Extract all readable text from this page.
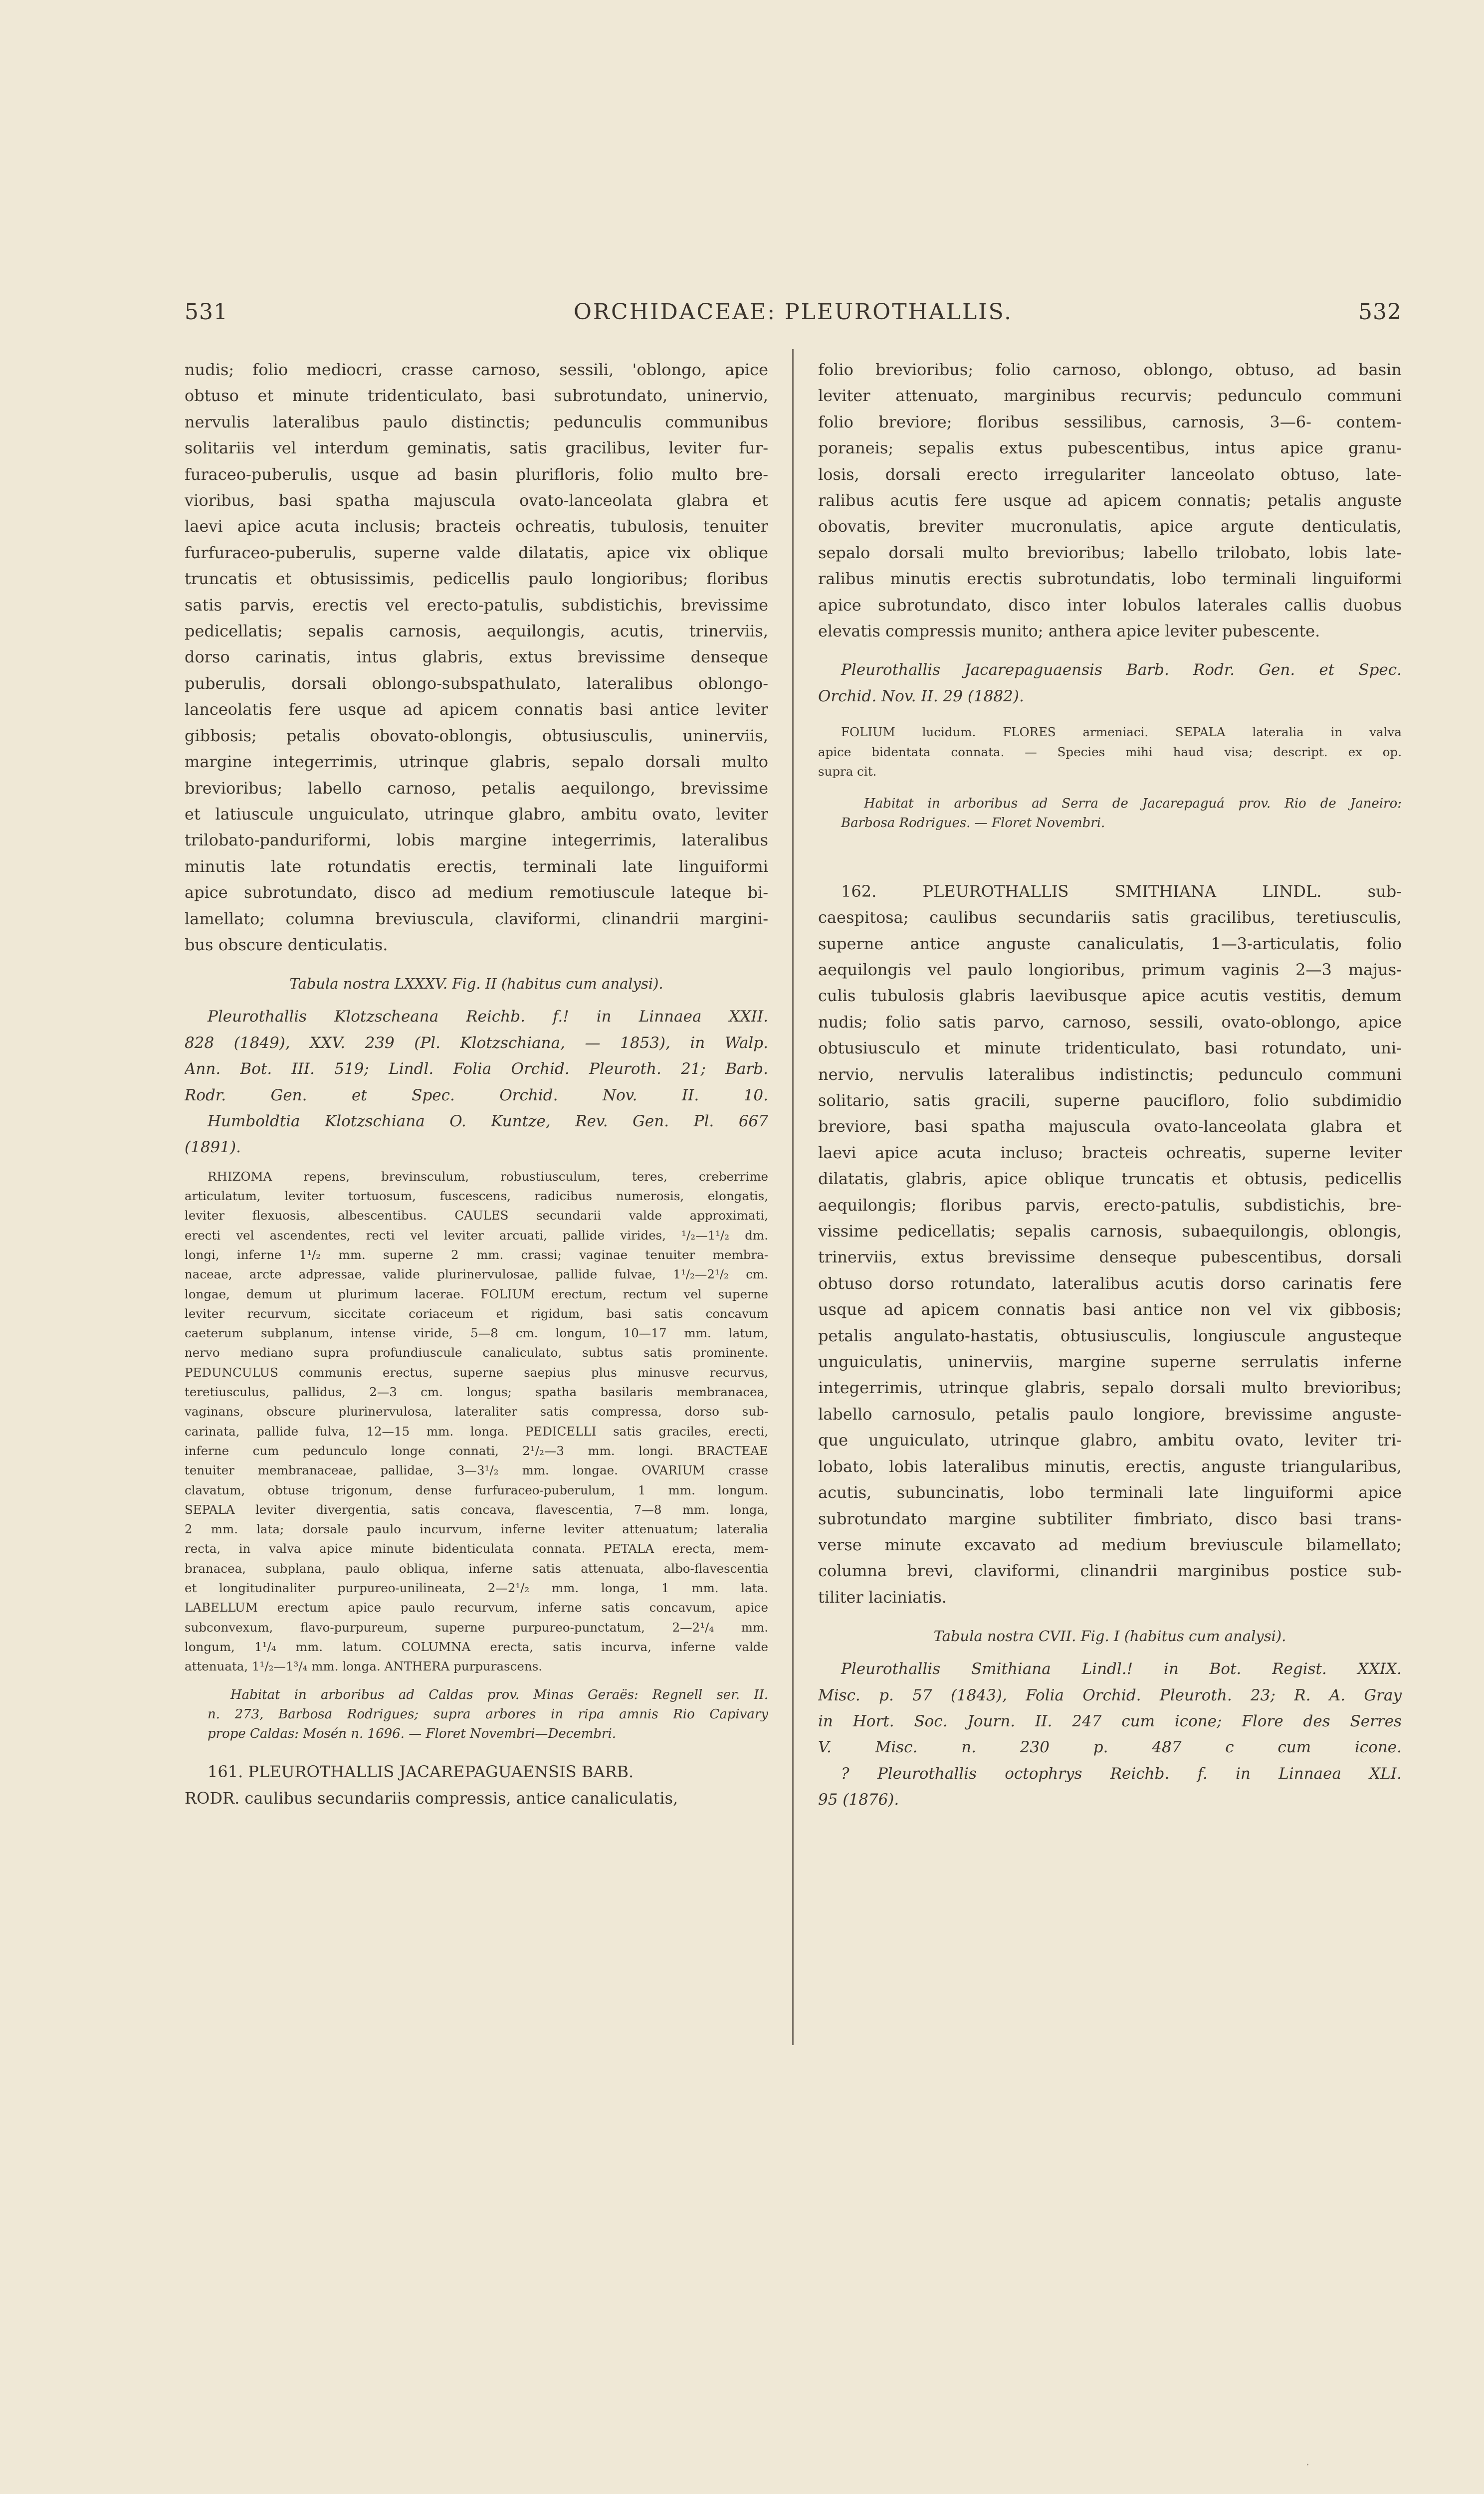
531	ORCHIDACEAE: PLEUROTHALLIS.	532
nudis; folio mediocri, crasse carnoso, sessili, 'oblongo, apice
obtuso et minute tridenticulato, basi subrotundato, uninervio,
nervulis lateralibus paulo distinctis; pedunculis communibus
solitariis vel interdum geminatis, satis gracilibus, leviter fur-
furaceo-puberulis, usque ad basin plurifloris, folio multo bre-
vioribus, basi spatha majuscula ovato-lanceolata glabra et
laevi apice acuta inclusis; bracteis ochreatis, tubulosis, tenuiter
furfuraceo-puberulis, superne valde dilatatis, apice vix oblique
truncatis et obtusissimis, pedicellis paulo longioribus; floribus
satis parvis, erectis vel erecto-patulis, subdistichis, brevissime
pedicellatis; sepalis carnosis, aequilongis, acutis, trinerviis,
dorso carinatis, intus glabris, extus brevissime denseque
puberulis, dorsali oblongo-subspathulato, lateralibus oblongo-
lanceolatis fere usque ad apicem connatis basi antice leviter
gibbosis; petalis obovato-oblongis, obtusiusculis, uninerviis,
margine integerrimis, utrinque glabris, sepalo dorsali multo
brevioribus; labello carnoso, petalis aequilongo, brevissime
et latiuscule unguiculato, utrinque glabro, ambitu ovato, leviter
trilobato-panduriformi, lobis margine integerrimis, lateralibus
minutis late rotundatis erectis, terminali late linguiformi
apice subrotundato, disco ad medium remotiuscule lateque bi-
lamellato; columna breviuscula, claviformi, clinandrii margini-
bus obscure denticulatis.

Tabula nostra LXXXV. Fig. II (habitus cum analysi).

Pleurothallis Klotzscheana Reichb. f.! in Linnaea XXII.
828 (1849), XXV. 239 (Pl. Klotzschiana, — 1853), in Walp.
Ann. Bot. III. 519; Lindl. Folia Orchid. Pleuroth. 21; Barb.
Rodr. Gen. et Spec. Orchid. Nov. II. 10.
Humboldtia Klotzschiana O. Kuntze, Rev. Gen. Pl. 667
(1891).
RHIZOMA repens, brevinsculum, robustiusculum, teres, creberrime
articulatum, leviter tortuosum, fuscescens, radicibus numerosis, elongatis,
leviter flexuosis, albescentibus. CAULES secundarii valde approximati,
erecti vel ascendentes, recti vel leviter arcuati, pallide virides, ¹/₂—1¹/₂ dm.
longi, inferne 1¹/₂ mm. superne 2 mm. crassi; vaginae tenuiter membra-
naceae, arcte adpressae, valide plurinervulosae, pallide fulvae, 1¹/₂—2¹/₂ cm.
longae, demum ut plurimum lacerae. FOLIUM erectum, rectum vel superne
leviter recurvum, siccitate coriaceum et rigidum, basi satis concavum
caeterum subplanum, intense viride, 5—8 cm. longum, 10—17 mm. latum,
nervo mediano supra profundiuscule canaliculato, subtus satis prominente.
PEDUNCULUS communis erectus, superne saepius plus minusve recurvus,
teretiusculus, pallidus, 2—3 cm. longus; spatha basilaris membranacea,
vaginans, obscure plurinervulosa, lateraliter satis compressa, dorso sub-
carinata, pallide fulva, 12—15 mm. longa. PEDICELLI satis graciles, erecti,
inferne cum pedunculo longe connati, 2¹/₂—3 mm. longi. BRACTEAE
tenuiter membranaceae, pallidae, 3—3¹/₂ mm. longae. OVARIUM crasse
clavatum, obtuse trigonum, dense furfuraceo-puberulum, 1 mm. longum.
SEPALA leviter divergentia, satis concava, flavescentia, 7—8 mm. longa,
2 mm. lata; dorsale paulo incurvum, inferne leviter attenuatum; lateralia
recta, in valva apice minute bidenticulata connata. PETALA erecta, mem-
branacea, subplana, paulo obliqua, inferne satis attenuata, albo-flavescentia
et longitudinaliter purpureo-unilineata, 2—2¹/₂ mm. longa, 1 mm. lata.
LABELLUM erectum apice paulo recurvum, inferne satis concavum, apice
subconvexum, flavo-purpureum, superne purpureo-punctatum, 2—2¹/₄ mm.
longum, 1¹/₄ mm. latum. COLUMNA erecta, satis incurva, inferne valde
attenuata, 1¹/₂—1³/₄ mm. longa. ANTHERA purpurascens.
Habitat in arboribus ad Caldas prov. Minas Geraës: Regnell ser. II.
n. 273, Barbosa Rodrigues; supra arbores in ripa amnis Rio Capivary
prope Caldas: Mosén n. 1696. — Floret Novembri—Decembri.

161. PLEUROTHALLIS JACAREPAGUAENSIS BARB.

RODR. caulibus secundariis compressis, antice canaliculatis,

folio brevioribus; folio carnoso, oblongo, obtuso, ad basin
leviter attenuato, marginibus recurvis; pedunculo communi
folio breviore; floribus sessilibus, carnosis, 3—6- contem-
poraneis; sepalis extus pubescentibus, intus apice granu-
losis, dorsali erecto irregulariter lanceolato obtuso, late-
ralibus acutis fere usque ad apicem connatis; petalis anguste
obovatis, breviter mucronulatis, apice argute denticulatis,
sepalo dorsali multo brevioribus; labello trilobato, lobis late-
ralibus minutis erectis subrotundatis, lobo terminali linguiformi
apice subrotundato, disco inter lobulos laterales callis duobus
elevatis compressis munito; anthera apice leviter pubescente.
Pleurothallis Jacarepaguaensis Barb. Rodr. Gen. et Spec.
Orchid. Nov. II. 29 (1882).
FOLIUM lucidum. FLORES armeniaci. SEPALA lateralia in valva
apice bidentata connata. — Species mihi haud visa; descript. ex op.
supra cit.
Habitat in arboribus ad Serra de Jacarepaguá prov. Rio de Janeiro:
Barbosa Rodrigues. — Floret Novembri.
162. PLEUROTHALLIS SMITHIANA LINDL. sub-
caespitosa; caulibus secundariis satis gracilibus, teretiusculis,
superne antice anguste canaliculatis, 1—3-articulatis, folio
aequilongis vel paulo longioribus, primum vaginis 2—3 majus-
culis tubulosis glabris laevibusque apice acutis vestitis, demum
nudis; folio satis parvo, carnoso, sessili, ovato-oblongo, apice
obtusiusculo et minute tridenticulato, basi rotundato, uni-
nervio, nervulis lateralibus indistinctis; pedunculo communi
solitario, satis gracili, superne paucifloro, folio subdimidio
breviore, basi spatha majuscula ovato-lanceolata glabra et
laevi apice acuta incluso; bracteis ochreatis, superne leviter
dilatatis, glabris, apice oblique truncatis et obtusis, pedicellis
aequilongis; floribus parvis, erecto-patulis, subdistichis, bre-
vissime pedicellatis; sepalis carnosis, subaequilongis, oblongis,
trinerviis, extus brevissime denseque pubescentibus, dorsali
obtuso dorso rotundato, lateralibus acutis dorso carinatis fere
usque ad apicem connatis basi antice non vel vix gibbosis;
petalis angulato-hastatis, obtusiusculis, longiuscule angusteque
unguiculatis, uninerviis, margine superne serrulatis inferne
integerrimis, utrinque glabris, sepalo dorsali multo brevioribus;
labello carnosulo, petalis paulo longiore, brevissime anguste-
que unguiculato, utrinque glabro, ambitu ovato, leviter tri-
lobato, lobis lateralibus minutis, erectis, anguste triangularibus,
acutis, subuncinatis, lobo terminali late linguiformi apice
subrotundato margine subtiliter fimbriato, disco basi trans-
verse minute excavato ad medium breviuscule bilamellato;
columna brevi, claviformi, clinandrii marginibus postice sub-
tiliter laciniatis.

Tabula nostra CVII. Fig. I (habitus cum analysi).

Pleurothallis Smithiana Lindl.! in Bot. Regist. XXIX.
Misc. p. 57 (1843), Folia Orchid. Pleuroth. 23; R. A. Gray
in Hort. Soc. Journ. II. 247 cum icone; Flore des Serres
V. Misc. n. 230 p. 487 c cum icone.
? Pleurothallis octophrys Reichb. f. in Linnaea XLI.
95 (1876).
·
